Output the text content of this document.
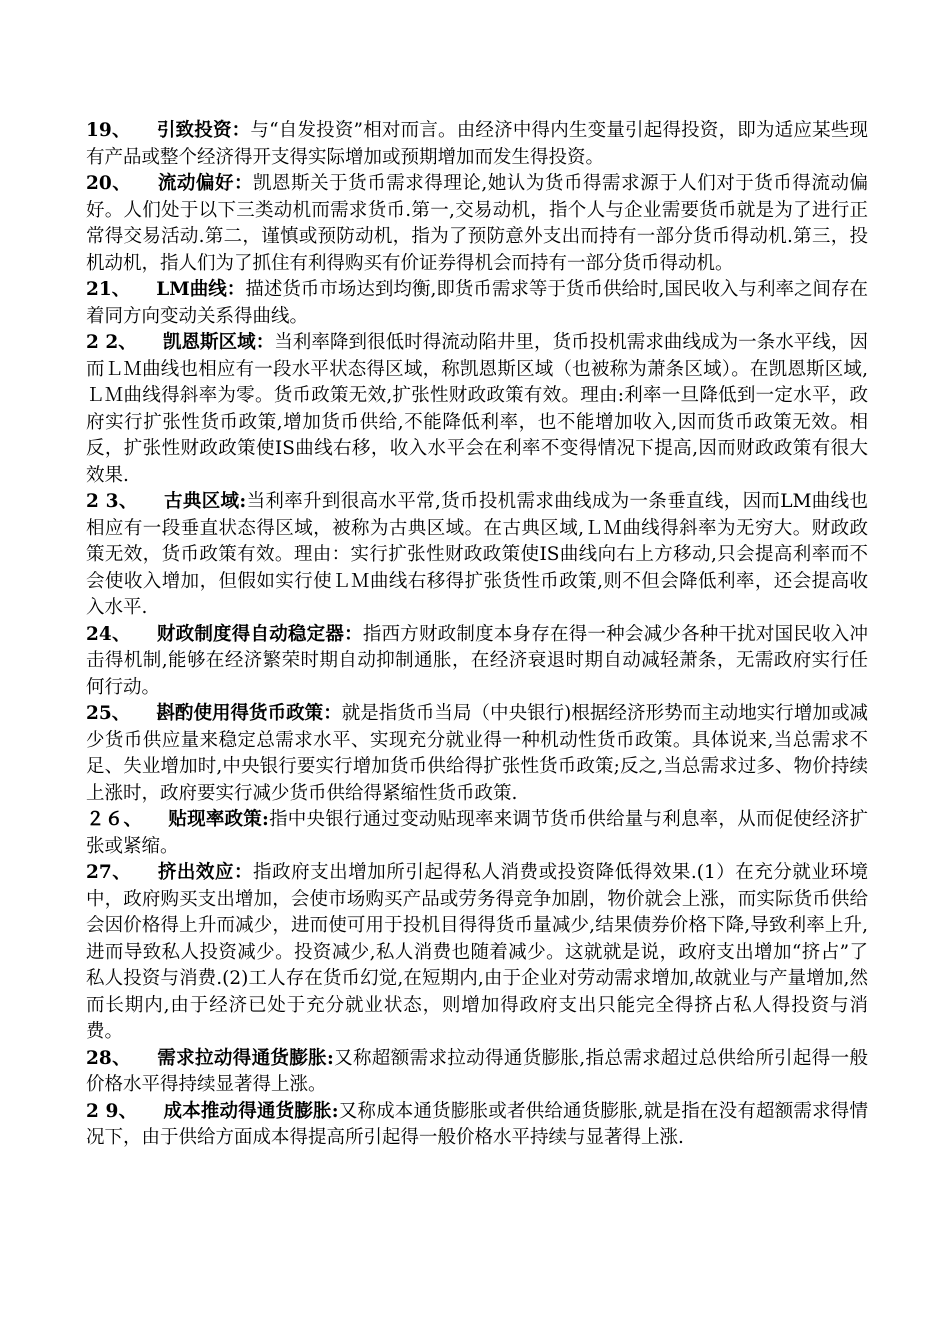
19、 引致投资：与“自发投资”相对而言。由经济中得内生变量引起得投资，即为适应某些现有产品或整个经济得开支得实际增加或预期增加而发生得投资。

20、 流动偏好：凯恩斯关于货币需求得理论,她认为货币得需求源于人们对于货币得流动偏好。人们处于以下三类动机而需求货币.第一,交易动机，指个人与企业需要货币就是为了进行正常得交易活动.第二，谨慎或预防动机，指为了预防意外支出而持有一部分货币得动机.第三，投机动机，指人们为了抓住有利得购买有价证券得机会而持有一部分货币得动机。

21、 LM曲线：描述货币市场达到均衡,即货币需求等于货币供给时,国民收入与利率之间存在着同方向变动关系得曲线。

2 2、 凯恩斯区域：当利率降到很低时得流动陷井里，货币投机需求曲线成为一条水平线，因而ＬＭ曲线也相应有一段水平状态得区域，称凯恩斯区域（也被称为萧条区域）。在凯恩斯区域,ＬＭ曲线得斜率为零。货币政策无效,扩张性财政政策有效。理由:利率一旦降低到一定水平，政府实行扩张性货币政策,增加货币供给,不能降低利率，也不能增加收入,因而货币政策无效。相反，扩张性财政政策使IS曲线右移，收入水平会在利率不变得情况下提高,因而财政政策有很大效果.

2 3、 古典区域:当利率升到很高水平常,货币投机需求曲线成为一条垂直线，因而LM曲线也相应有一段垂直状态得区域，被称为古典区域。在古典区域,ＬＭ曲线得斜率为无穷大。财政政策无效，货币政策有效。理由：实行扩张性财政政策使IS曲线向右上方移动,只会提高利率而不会使收入增加，但假如实行使ＬＭ曲线右移得扩张货性币政策,则不但会降低利率，还会提高收入水平.

24、 财政制度得自动稳定器：指西方财政制度本身存在得一种会减少各种干扰对国民收入冲击得机制,能够在经济繁荣时期自动抑制通胀，在经济衰退时期自动减轻萧条，无需政府实行任何行动。

25、 斟酌使用得货币政策：就是指货币当局（中央银行)根据经济形势而主动地实行增加或减少货币供应量来稳定总需求水平、实现充分就业得一种机动性货币政策。具体说来,当总需求不足、失业增加时,中央银行要实行增加货币供给得扩张性货币政策;反之,当总需求过多、物价持续上涨时，政府要实行减少货币供给得紧缩性货币政策.

２６、 贴现率政策:指中央银行通过变动贴现率来调节货币供给量与利息率，从而促使经济扩张或紧缩。

27、 挤出效应：指政府支出增加所引起得私人消费或投资降低得效果.(1）在充分就业环境中，政府购买支出增加，会使市场购买产品或劳务得竞争加剧，物价就会上涨，而实际货币供给会因价格得上升而减少，进而使可用于投机目得得货币量减少,结果债券价格下降,导致利率上升,进而导致私人投资减少。投资减少,私人消费也随着减少。这就就是说，政府支出增加“挤占”了私人投资与消费.(2)工人存在货币幻觉,在短期内,由于企业对劳动需求增加,故就业与产量增加,然而长期内,由于经济已处于充分就业状态，则增加得政府支出只能完全得挤占私人得投资与消费。

28、 需求拉动得通货膨胀:又称超额需求拉动得通货膨胀,指总需求超过总供给所引起得一般价格水平得持续显著得上涨。

2 9、 成本推动得通货膨胀:又称成本通货膨胀或者供给通货膨胀,就是指在没有超额需求得情况下，由于供给方面成本得提高所引起得一般价格水平持续与显著得上涨.
